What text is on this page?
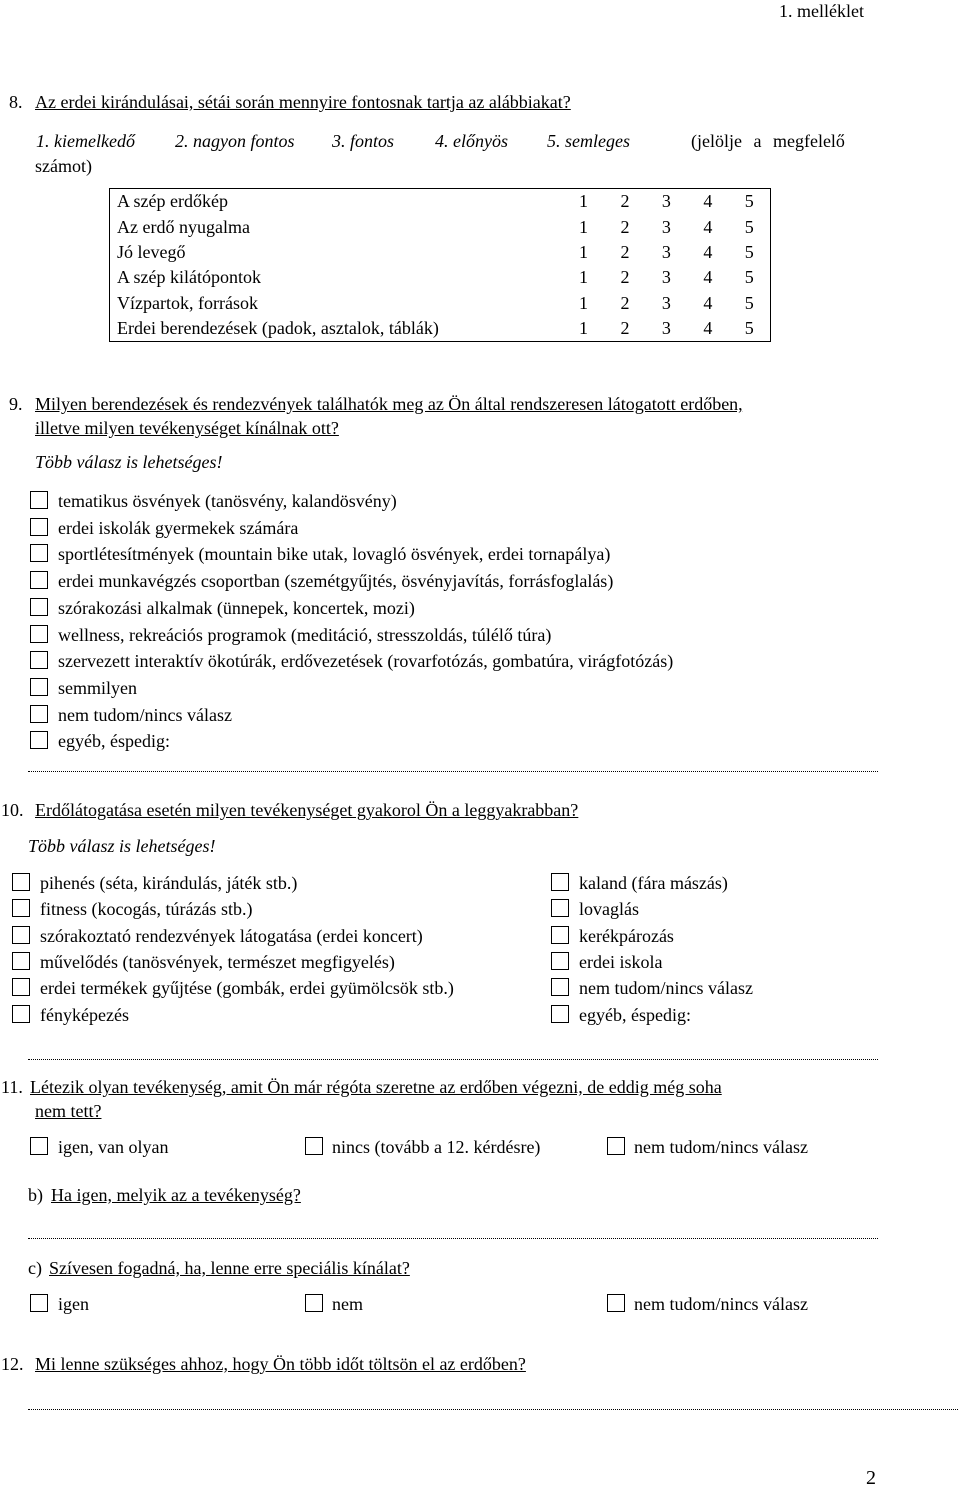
1. melléklet
8. Az erdei kirándulásai, sétái során mennyire fontosnak tartja az alábbiakat?
1. kiemelkedő 2. nagyon fontos 3. fontos 4. előnyös 5. semleges	(jelölje a megfelelő
számot)
A szép erdőkép	1	2	3	4	5
Az erdő nyugalma	1	2	3	4	5
Jó levegő	1	2	3	4	5
A szép kilátópontok	1	2	3	4	5
Vízpartok, források	1	2	3	4	5
Erdei berendezések (padok, asztalok, táblák)	1	2	3	4	5
9. Milyen berendezések és rendezvények találhatók meg az Ön által rendszeresen látogatott erdőben,
illetve milyen tevékenységet kínálnak ott?
Több válasz is lehetséges!
tematikus ösvények (tanösvény, kalandösvény)
erdei iskolák gyermekek számára
sportlétesítmények (mountain bike utak, lovagló ösvények, erdei tornapálya)
erdei munkavégzés csoportban (szemétgyűjtés, ösvényjavítás, forrásfoglalás)
szórakozási alkalmak (ünnepek, koncertek, mozi)
wellness, rekreációs programok (meditáció, stresszoldás, túlélő túra)
szervezett interaktív ökotúrák, erdővezetések (rovarfotózás, gombatúra, virágfotózás)
semmilyen
nem tudom/nincs válasz
egyéb, éspedig:
10. Erdőlátogatása esetén milyen tevékenységet gyakorol Ön a leggyakrabban?
Több válasz is lehetséges!
pihenés (séta, kirándulás, játék stb.)
fitness (kocogás, túrázás stb.)
szórakoztató rendezvények látogatása (erdei koncert)
művelődés (tanösvények, természet megfigyelés)
erdei termékek gyűjtése (gombák, erdei gyümölcsök stb.)
fényképezés
kaland (fára mászás)
lovaglás
kerékpározás
erdei iskola
nem tudom/nincs válasz
egyéb, éspedig:
11. Létezik olyan tevékenység, amit Ön már régóta szeretne az erdőben végezni, de eddig még soha
nem tett?
igen, van olyan	nincs (tovább a 12. kérdésre)	nem tudom/nincs válasz
b) Ha igen, melyik az a tevékenység?
c) Szívesen fogadná, ha, lenne erre speciális kínálat?
igen	nem	nem tudom/nincs válasz
12. Mi lenne szükséges ahhoz, hogy Ön több időt töltsön el az erdőben?
2
